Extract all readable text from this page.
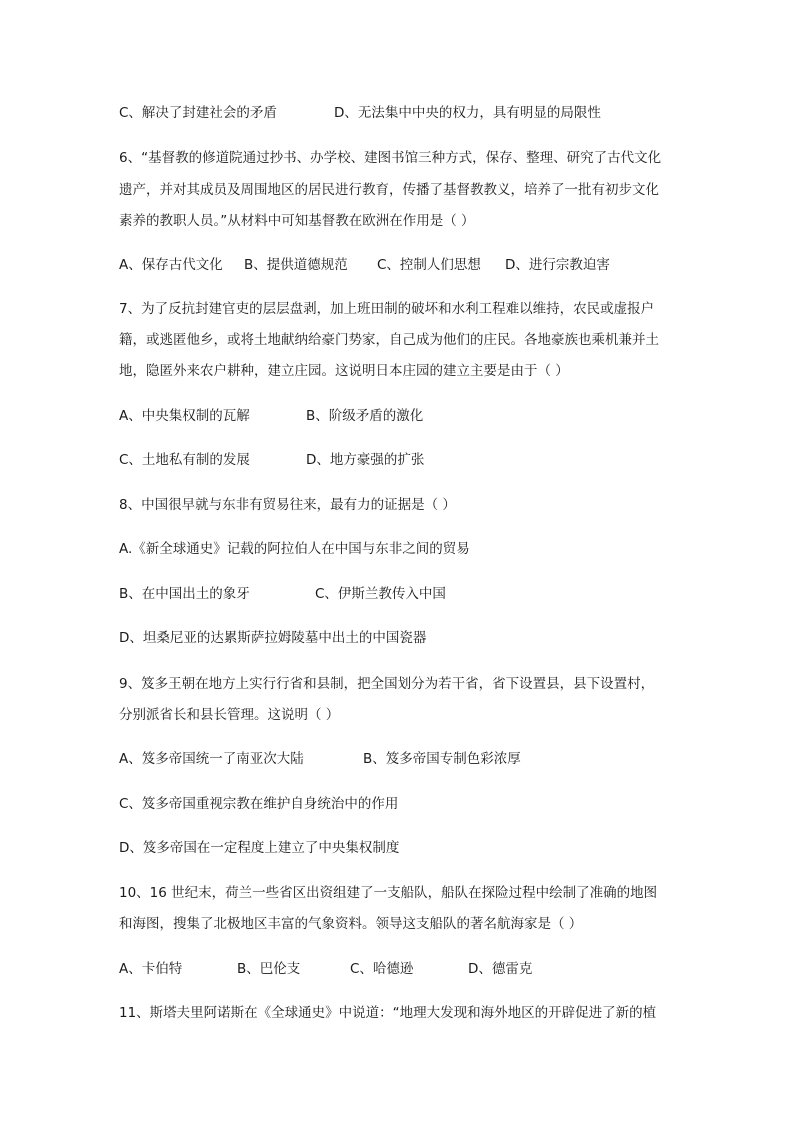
C、解决了封建社会的矛盾	D、无法集中中央的权力，具有明显的局限性
6、“基督教的修道院通过抄书、办学校、建图书馆三种方式，保存、整理、研究了古代文化
遗产，并对其成员及周围地区的居民进行教育，传播了基督教教义，培养了一批有初步文化
素养的教职人员。”从材料中可知基督教在欧洲在作用是（ ）
A、保存古代文化 B、提供道德规范 C、控制人们思想 D、进行宗教迫害
7、为了反抗封建官吏的层层盘剥，加上班田制的破坏和水利工程难以维持，农民或虚报户
籍，或逃匿他乡，或将土地献纳给豪门势家，自己成为他们的庄民。各地豪族也乘机兼并土
地，隐匿外来农户耕种，建立庄园。这说明日本庄园的建立主要是由于（ ）
A、中央集权制的瓦解	B、阶级矛盾的激化
C、土地私有制的发展	D、地方豪强的扩张
8、中国很早就与东非有贸易往来，最有力的证据是（ ）
A.《新全球通史》记载的阿拉伯人在中国与东非之间的贸易
B、在中国出土的象牙	C、伊斯兰教传入中国
D、坦桑尼亚的达累斯萨拉姆陵墓中出土的中国瓷器
9、笈多王朝在地方上实行行省和县制，把全国划分为若干省，省下设置县，县下设置村，
分别派省长和县长管理。这说明（ ）
A、笈多帝国统一了南亚次大陆	B、笈多帝国专制色彩浓厚
C、笈多帝国重视宗教在维护自身统治中的作用
D、笈多帝国在一定程度上建立了中央集权制度
10、16 世纪末，荷兰一些省区出资组建了一支船队，船队在探险过程中绘制了准确的地图
和海图，搜集了北极地区丰富的气象资料。领导这支船队的著名航海家是（ ）
A、卡伯特	B、巴伦支	C、哈德逊	D、德雷克
11、斯塔夫里阿诺斯在《全球通史》中说道：“地理大发现和海外地区的开辟促进了新的植
